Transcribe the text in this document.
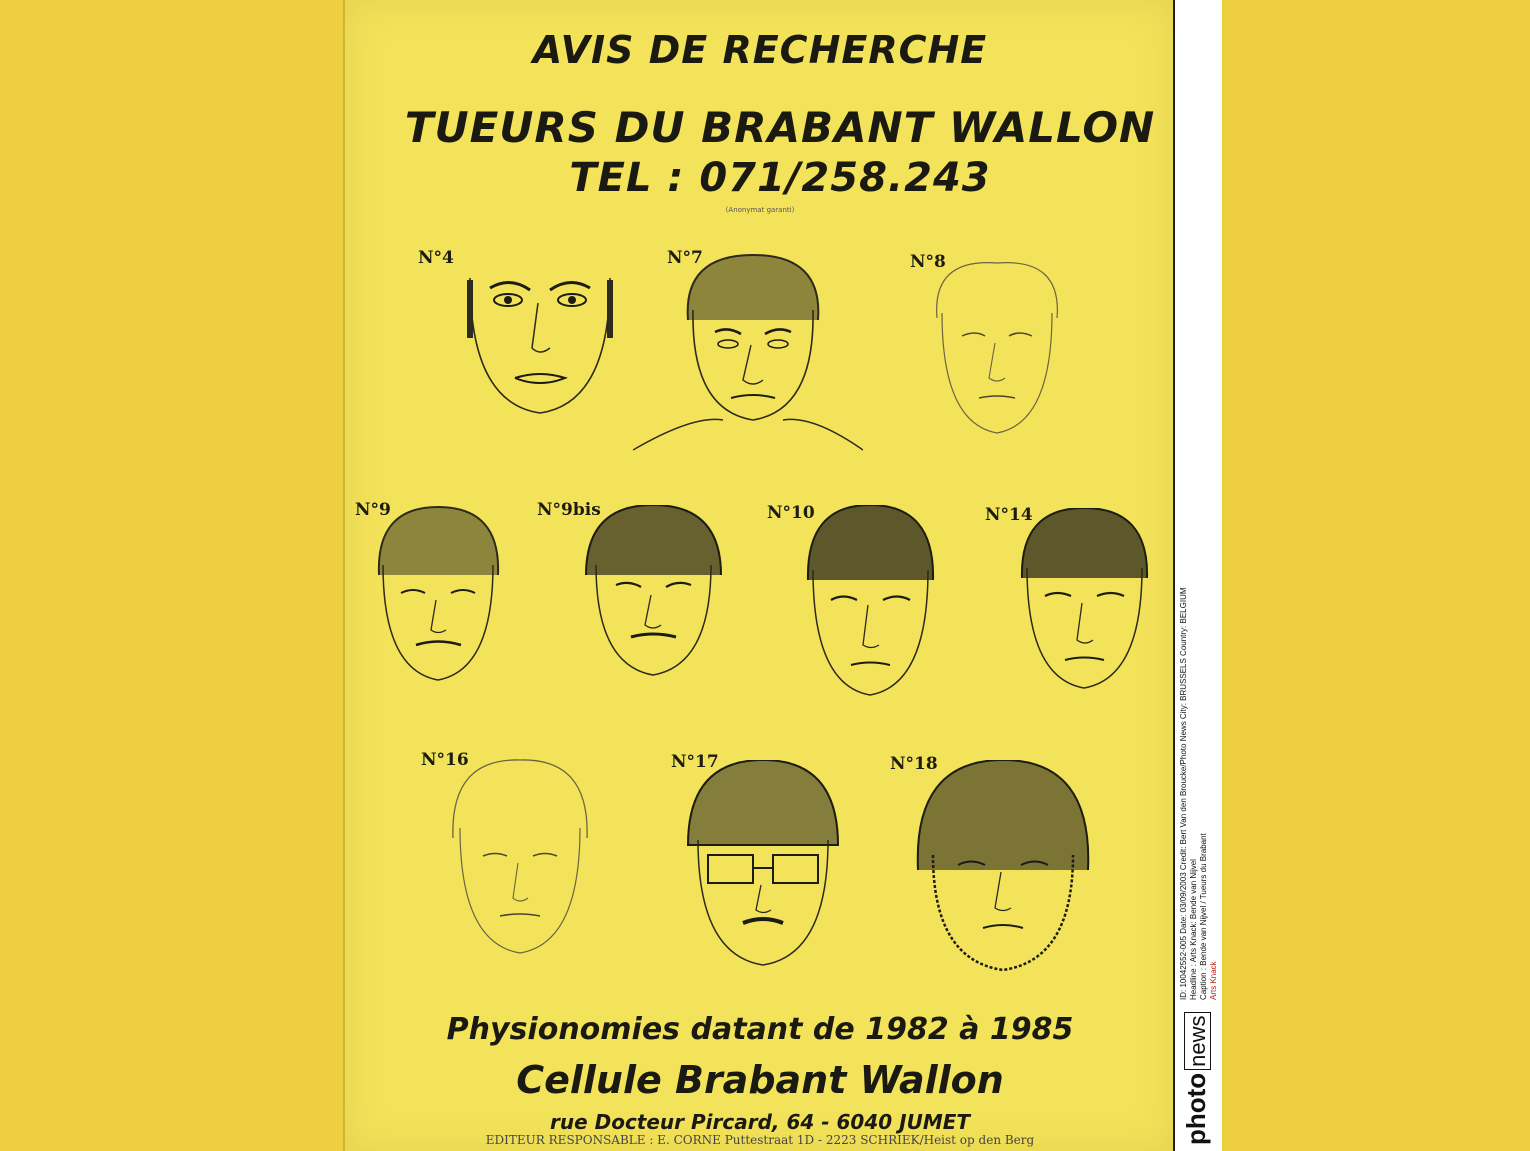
AVIS DE RECHERCHE
TUEURS DU BRABANT WALLON
TEL : 071/258.243
(Anonymat garanti)
N°4	N°7	N°8
N°9	N°9bis	N°10	N°14
N°16	N°17	N°18
Physionomies datant de 1982 à 1985
Cellule Brabant Wallon
rue Docteur Pircard, 64 - 6040 JUMET
EDITEUR RESPONSABLE : E. CORNE Puttestraat 1D - 2223 SCHRIEK/Heist op den Berg	photonews
ID: 10042552-005 Date: 03/09/2003 Credit: Bert Van den Broucke/Photo News City: BRUSSELS Country: BELGIUM Headline : Arts Knack: Bende van Nijvel Caption : Bende van Nijvel / Tueurs du Brabant Arts Knack
